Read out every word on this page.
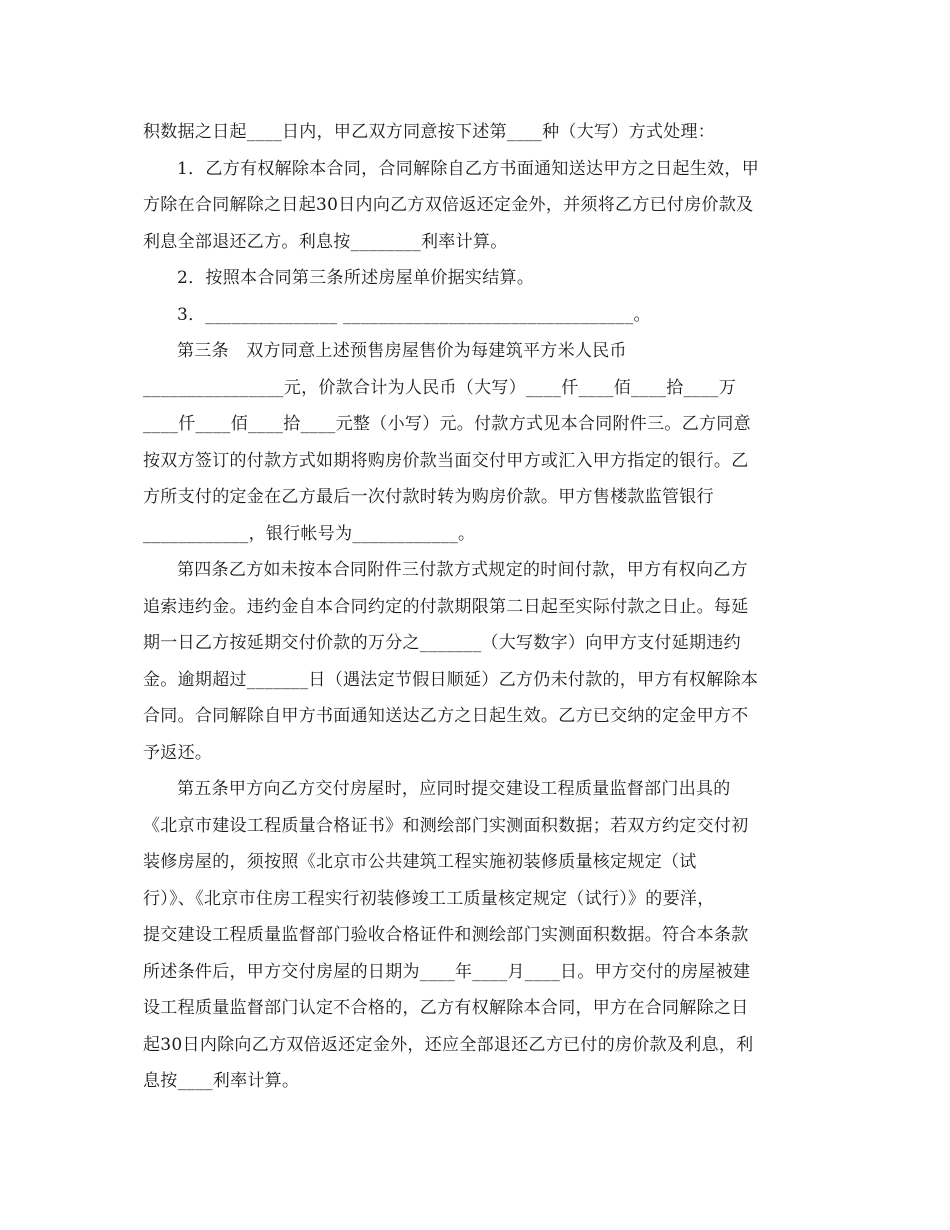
积数据之日起____日内，甲乙双方同意按下述第____种（大写）方式处理：
1．乙方有权解除本合同，合同解除自乙方书面通知送达甲方之日起生效，甲
方除在合同解除之日起30日内向乙方双倍返还定金外，并须将乙方已付房价款及
利息全部退还乙方。利息按________利率计算。
2．按照本合同第三条所述房屋单价据实结算。
3．_______________ _________________________________。
第三条　双方同意上述预售房屋售价为每建筑平方米人民币
________________元，价款合计为人民币（大写）____仟____佰____拾____万
____仟____佰____拾____元整（小写）元。付款方式见本合同附件三。乙方同意
按双方签订的付款方式如期将购房价款当面交付甲方或汇入甲方指定的银行。乙
方所支付的定金在乙方最后一次付款时转为购房价款。甲方售楼款监管银行
____________，银行帐号为____________。
第四条乙方如未按本合同附件三付款方式规定的时间付款，甲方有权向乙方
追索违约金。违约金自本合同约定的付款期限第二日起至实际付款之日止。每延
期一日乙方按延期交付价款的万分之_______（大写数字）向甲方支付延期违约
金。逾期超过_______日（遇法定节假日顺延）乙方仍未付款的，甲方有权解除本
合同。合同解除自甲方书面通知送达乙方之日起生效。乙方已交纳的定金甲方不
予返还。
第五条甲方向乙方交付房屋时，应同时提交建设工程质量监督部门出具的
《北京市建设工程质量合格证书》和测绘部门实测面积数据；若双方约定交付初
装修房屋的，须按照《北京市公共建筑工程实施初装修质量核定规定（试
行）》、《北京市住房工程实行初装修竣工工质量核定规定（试行）》的要洋，
提交建设工程质量监督部门验收合格证件和测绘部门实测面积数据。符合本条款
所述条件后，甲方交付房屋的日期为____年____月____日。甲方交付的房屋被建
设工程质量监督部门认定不合格的，乙方有权解除本合同，甲方在合同解除之日
起30日内除向乙方双倍返还定金外，还应全部退还乙方已付的房价款及利息，利
息按____利率计算。
